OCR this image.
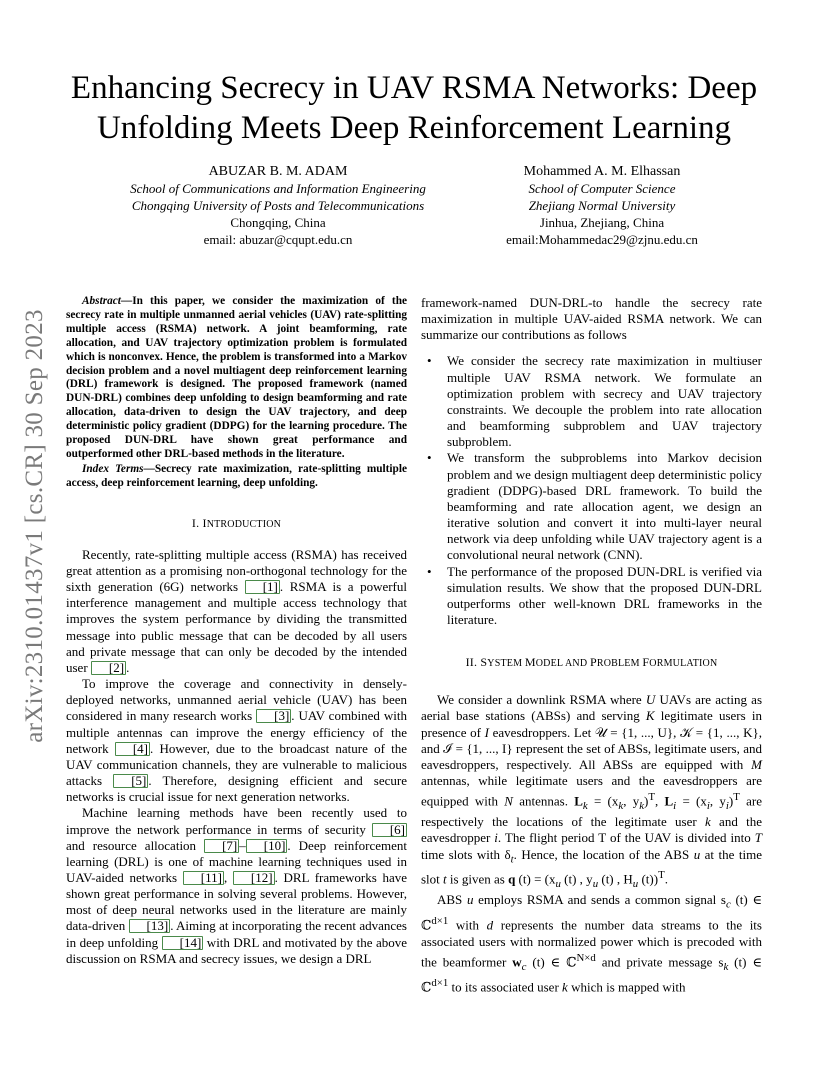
arXiv:2310.01437v1 [cs.CR] 30 Sep 2023
Enhancing Secrecy in UAV RSMA Networks: Deep Unfolding Meets Deep Reinforcement Learning
ABUZAR B. M. ADAM
School of Communications and Information Engineering
Chongqing University of Posts and Telecommunications
Chongqing, China
email: abuzar@cqupt.edu.cn
Mohammed A. M. Elhassan
School of Computer Science
Zhejiang Normal University
Jinhua, Zhejiang, China
email:Mohammedac29@zjnu.edu.cn

Abstract—In this paper, we consider the maximization of the secrecy rate in multiple unmanned aerial vehicles (UAV) rate-splitting multiple access (RSMA) network. A joint beamforming, rate allocation, and UAV trajectory optimization problem is formulated which is nonconvex. Hence, the problem is transformed into a Markov decision problem and a novel multiagent deep reinforcement learning (DRL) framework is designed. The proposed framework (named DUN-DRL) combines deep unfolding to design beamforming and rate allocation, data-driven to design the UAV trajectory, and deep deterministic policy gradient (DDPG) for the learning procedure. The proposed DUN-DRL have shown great performance and outperformed other DRL-based methods in the literature.

Index Terms—Secrecy rate maximization, rate-splitting multiple access, deep reinforcement learning, deep unfolding.

I. INTRODUCTION

Recently, rate-splitting multiple access (RSMA) has received great attention as a promising non-orthogonal technology for the sixth generation (6G) networks [1] . RSMA is a powerful interference management and multiple access technology that improves the system performance by dividing the transmitted message into public message that can be decoded by all users and private message that can only be decoded by the intended user [2] .

To improve the coverage and connectivity in densely-deployed networks, unmanned aerial vehicle (UAV) has been considered in many research works [3] . UAV combined with multiple antennas can improve the energy efficiency of the network [4] . However, due to the broadcast nature of the UAV communication channels, they are vulnerable to malicious attacks [5] . Therefore, designing efficient and secure networks is crucial issue for next generation networks.

Machine learning methods have been recently used to improve the network performance in terms of security [6] and resource allocation [7] – [10] . Deep reinforcement learning (DRL) is one of machine learning techniques used in UAV-aided networks [11] , [12] . DRL frameworks have shown great performance in solving several problems. However, most of deep neural networks used in the literature are mainly data-driven [13] . Aiming at incorporating the recent advances in deep unfolding [14] with DRL and motivated by the above discussion on RSMA and secrecy issues, we design a DRL

framework-named DUN-DRL-to handle the secrecy rate maximization in multiple UAV-aided RSMA network. We can summarize our contributions as follows

• We consider the secrecy rate maximization in multiuser multiple UAV RSMA network. We formulate an optimization problem with secrecy and UAV trajectory constraints. We decouple the problem into rate allocation and beamforming subproblem and UAV trajectory subproblem.
• We transform the subproblems into Markov decision problem and we design multiagent deep deterministic policy gradient (DDPG)-based DRL framework. To build the beamforming and rate allocation agent, we design an iterative solution and convert it into multi-layer neural network via deep unfolding while UAV trajectory agent is a convolutional neural network (CNN).
• The performance of the proposed DUN-DRL is verified via simulation results. We show that the proposed DUN-DRL outperforms other well-known DRL frameworks in the literature.

II. SYSTEM MODEL AND PROBLEM FORMULATION

We consider a downlink RSMA where U UAVs are acting as aerial base stations (ABSs) and serving K legitimate users in presence of I eavesdroppers. Let 𝒰 = {1, ..., U}, 𝒦 = {1, ..., K}, and ℐ = {1, ..., I} represent the set of ABSs, legitimate users, and eavesdroppers, respectively. All ABSs are equipped with M antennas, while legitimate users and the eavesdroppers are equipped with N antennas. $L_k = (x_k$, $y_k)^T$, $L_i = (x_i$, $y_i)^T$ are respectively the locations of the legitimate user k and the eavesdropper i. The flight period T of the UAV is divided into T time slots with $\delta_t$. Hence, the location of the ABS u at the time slot t is given as q $(t) = (x_u$ (t) , $y_u$ (t) , $H_u$ (t))$^T$.

ABS u employs RSMA and sends a common signal $s_c$ (t) ∈ ℂ$^{d\times 1}$ with d represents the number data streams to the its associated users with normalized power which is precoded with the beamformer $w_c$ (t) ∈ ℂ$^{N\times d}$ and private message $s_k$ (t) ∈ ℂ$^{d\times 1}$ to its associated user k which is mapped with
